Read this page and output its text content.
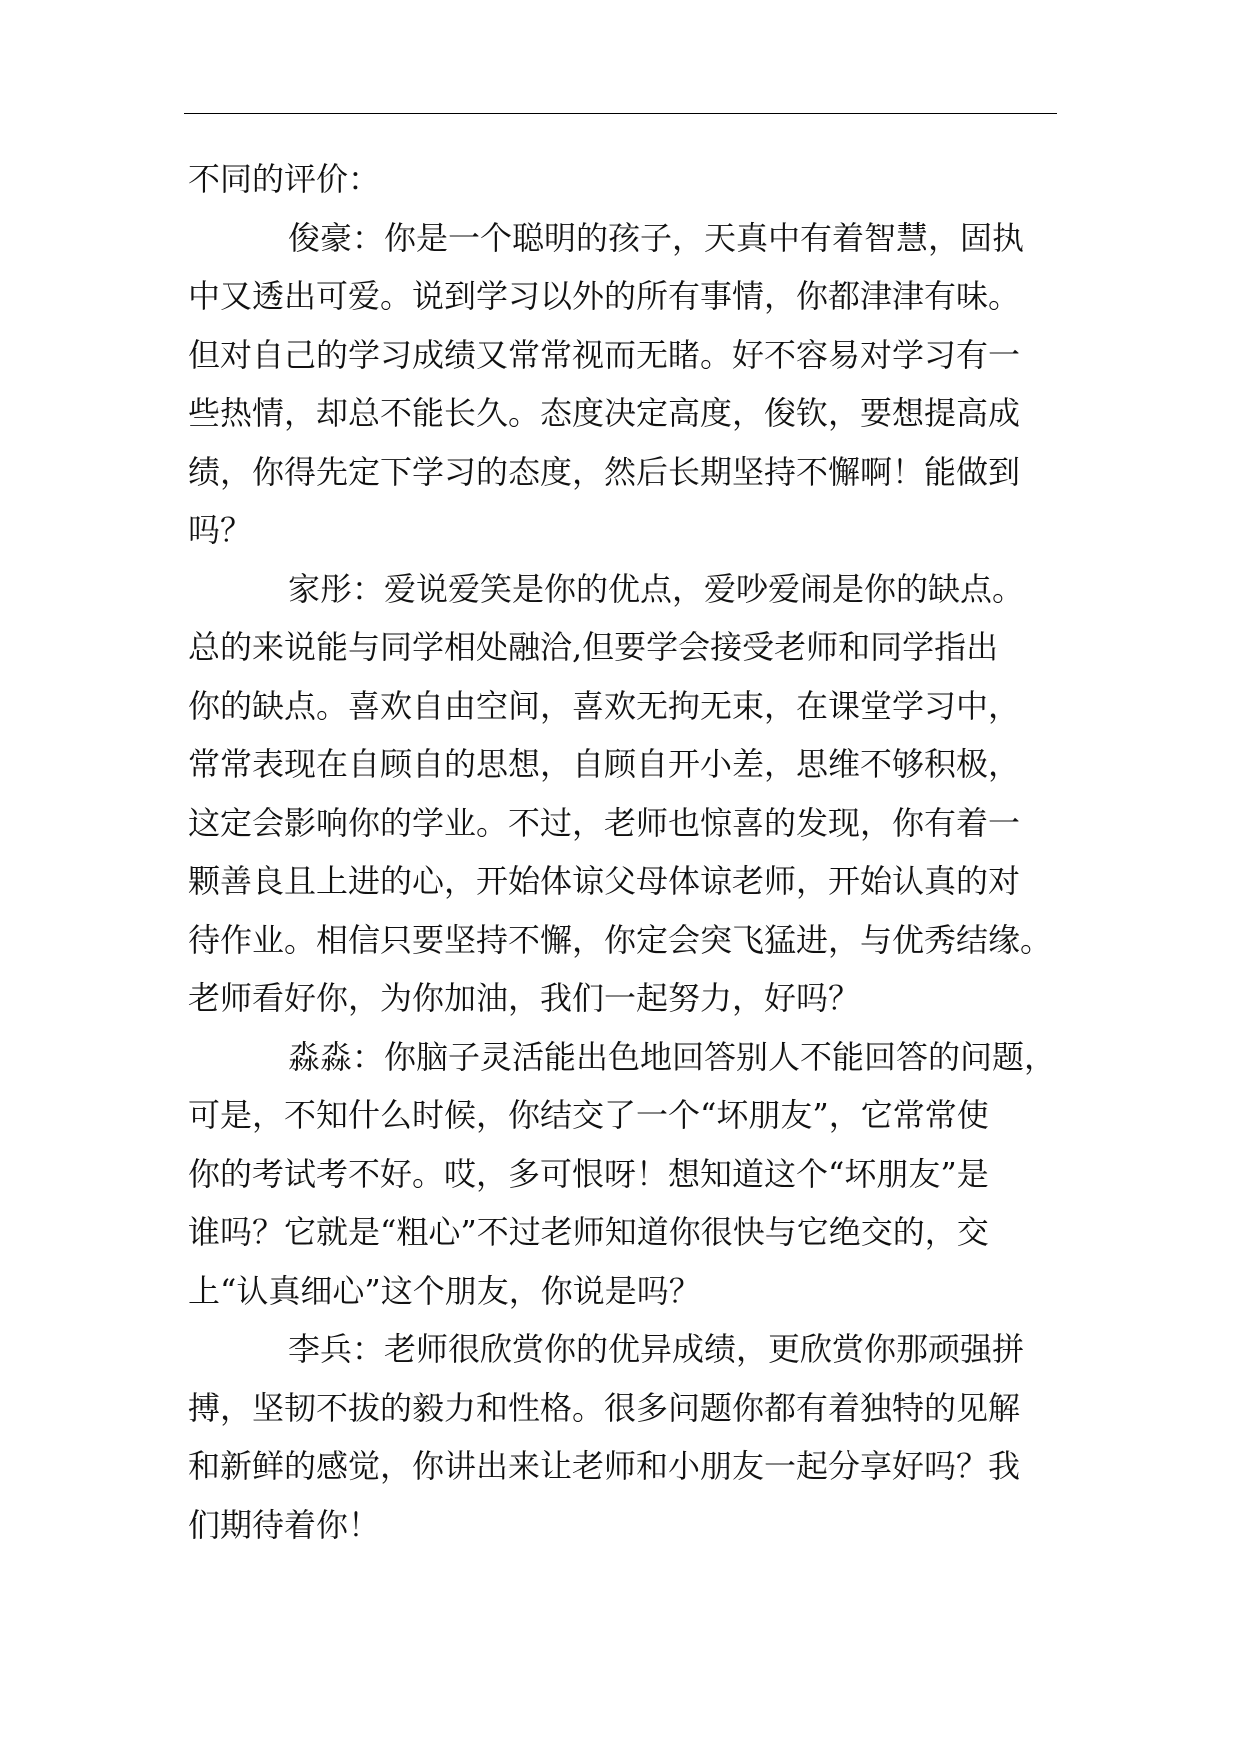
不同的评价：
俊豪：你是一个聪明的孩子，天真中有着智慧，固执
中又透出可爱。说到学习以外的所有事情，你都津津有味。
但对自己的学习成绩又常常视而无睹。好不容易对学习有一
些热情，却总不能长久。态度决定高度，俊钦，要想提高成
绩，你得先定下学习的态度，然后长期坚持不懈啊！能做到
吗？
家彤：爱说爱笑是你的优点，爱吵爱闹是你的缺点。
总的来说能与同学相处融洽,但要学会接受老师和同学指出
你的缺点。喜欢自由空间，喜欢无拘无束，在课堂学习中，
常常表现在自顾自的思想，自顾自开小差，思维不够积极，
这定会影响你的学业。不过，老师也惊喜的发现，你有着一
颗善良且上进的心，开始体谅父母体谅老师，开始认真的对
待作业。相信只要坚持不懈，你定会突飞猛进，与优秀结缘。
老师看好你，为你加油，我们一起努力，好吗？
淼淼：你脑子灵活能出色地回答别人不能回答的问题，
可是，不知什么时候，你结交了一个“坏朋友”，它常常使
你的考试考不好。哎，多可恨呀！想知道这个“坏朋友”是
谁吗？它就是“粗心”不过老师知道你很快与它绝交的，交
上“认真细心”这个朋友，你说是吗？
李兵：老师很欣赏你的优异成绩，更欣赏你那顽强拼
搏，坚韧不拔的毅力和性格。很多问题你都有着独特的见解
和新鲜的感觉，你讲出来让老师和小朋友一起分享好吗？我
们期待着你！
